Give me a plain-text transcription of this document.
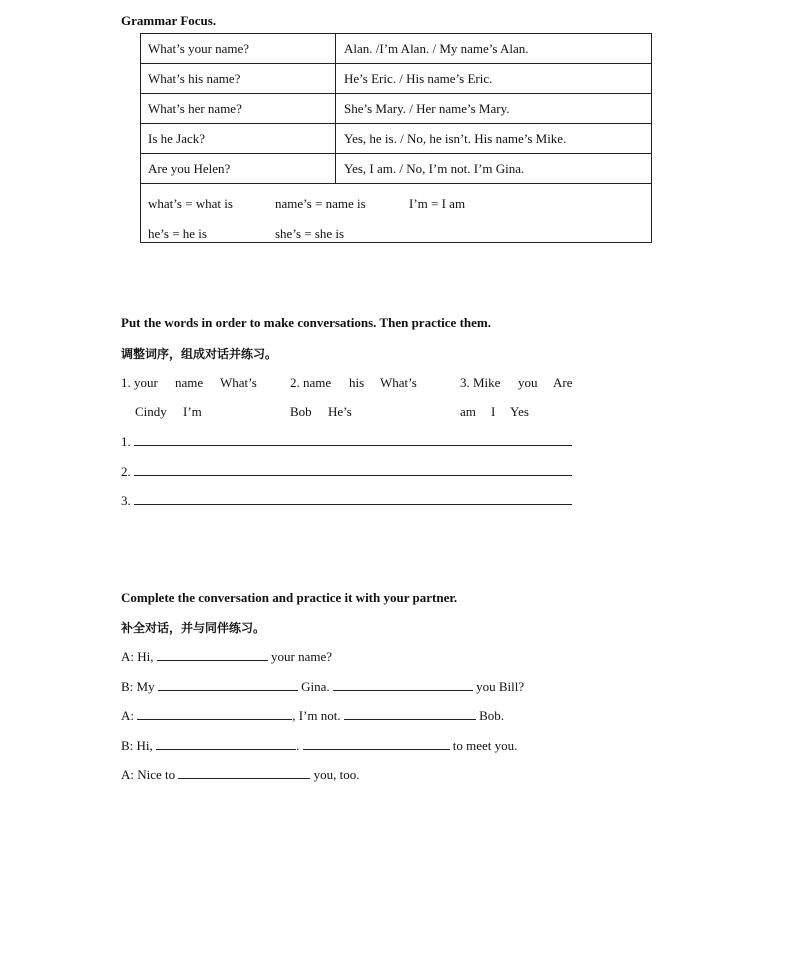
Grammar Focus.
What’s your name?	Alan. /I’m Alan. / My name’s Alan.
What’s his name?	He’s Eric. / His name’s Eric.
What’s her name?	She’s Mary. / Her name’s Mary.
Is he Jack?	Yes, he is. / No, he isn’t. His name’s Mike.
Are you Helen?	Yes, I am. / No, I’m not. I’m Gina.
what’s = what is	name’s = name is	I’m = I am
he’s = he is	she’s = she is
Put the words in order to make conversations. Then practice them.
调整词序，组成对话并练习。
1. your name What’s
Cindy I’m
2. name his What’s
Bob He’s
3. Mike you Are
am I Yes
1.
2.
3.
Complete the conversation and practice it with your partner.
补全对话，并与同伴练习。
A: Hi,	your name?
B: My	Gina.	you Bill?
A:	, I’m not.	Bob.
B: Hi,	.	to meet you.
A: Nice to	you, too.
